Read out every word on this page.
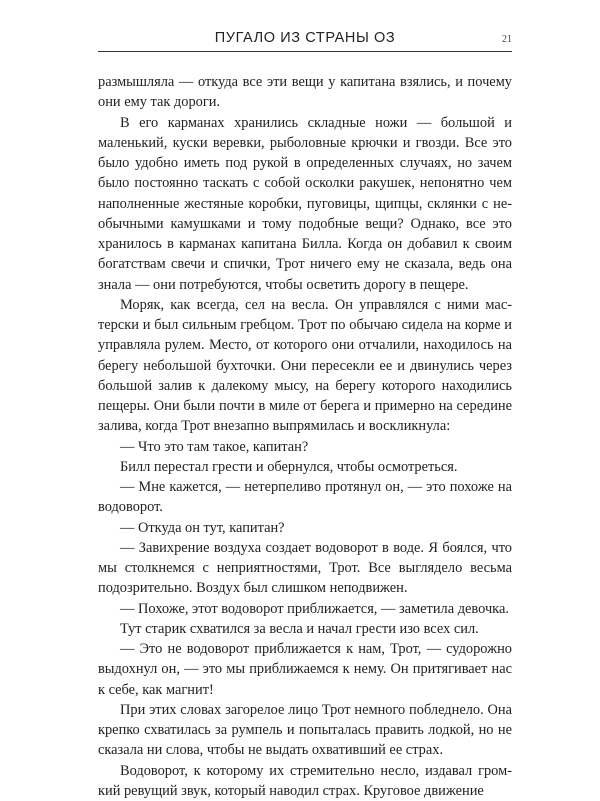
ПУГАЛО ИЗ СТРАНЫ ОЗ	21

размышляла — откуда все эти вещи у капитана взялись, и почему они ему так дороги.

В его карманах хранились складные ножи — большой и маленький, куски веревки, рыболовные крючки и гвозди. Все это было удобно иметь под рукой в определенных случаях, но зачем было постоянно таскать с собой осколки ракушек, непонятно чем наполненные жестяные коробки, пуговицы, щипцы, склянки с необычными камушками и тому подобные вещи? Однако, все это хранилось в карманах капитана Билла. Когда он добавил к своим богатствам свечи и спички, Трот ничего ему не сказала, ведь она знала — они потребуются, чтобы осветить дорогу в пещере.

Моряк, как всегда, сел на весла. Он управлялся с ними мастерски и был сильным гребцом. Трот по обычаю сидела на корме и управляла рулем. Место, от которого они отчалили, находилось на берегу небольшой бухточки. Они пересекли ее и двинулись через большой залив к далекому мысу, на берегу которого находились пещеры. Они были почти в миле от берега и примерно на середине залива, когда Трот внезапно выпрямилась и воскликнула:

— Что это там такое, капитан?

Билл перестал грести и обернулся, чтобы осмотреться.

— Мне кажется, — нетерпеливо протянул он, — это похоже на водоворот.

— Откуда он тут, капитан?

— Завихрение воздуха создает водоворот в воде. Я боялся, что мы столкнемся с неприятностями, Трот. Все выглядело весьма подозрительно. Воздух был слишком неподвижен.

— Похоже, этот водоворот приближается, — заметила девочка.

Тут старик схватился за весла и начал грести изо всех сил.

— Это не водоворот приближается к нам, Трот, — судорожно выдохнул он, — это мы приближаемся к нему. Он притягивает нас к себе, как магнит!

При этих словах загорелое лицо Трот немного побледнело. Она крепко схватилась за румпель и попыталась править лодкой, но не сказала ни слова, чтобы не выдать охвативший ее страх.

Водоворот, к которому их стремительно несло, издавал громкий ревущий звук, который наводил страх. Круговое движение
